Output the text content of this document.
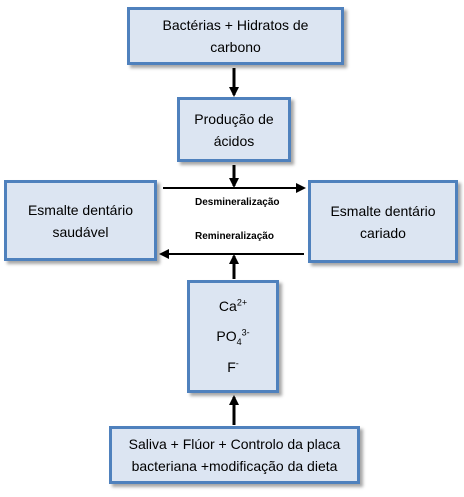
Bactérias + Hidratos de
carbono
Produção de
ácidos
Esmalte dentário
saudável
Esmalte dentário
cariado
$Ca^{2+}$
$PO_4^{3-}$
F-
Saliva + Flúor + Controlo da placa
bacteriana +modificação da dieta
Desmineralização
Remineralização
